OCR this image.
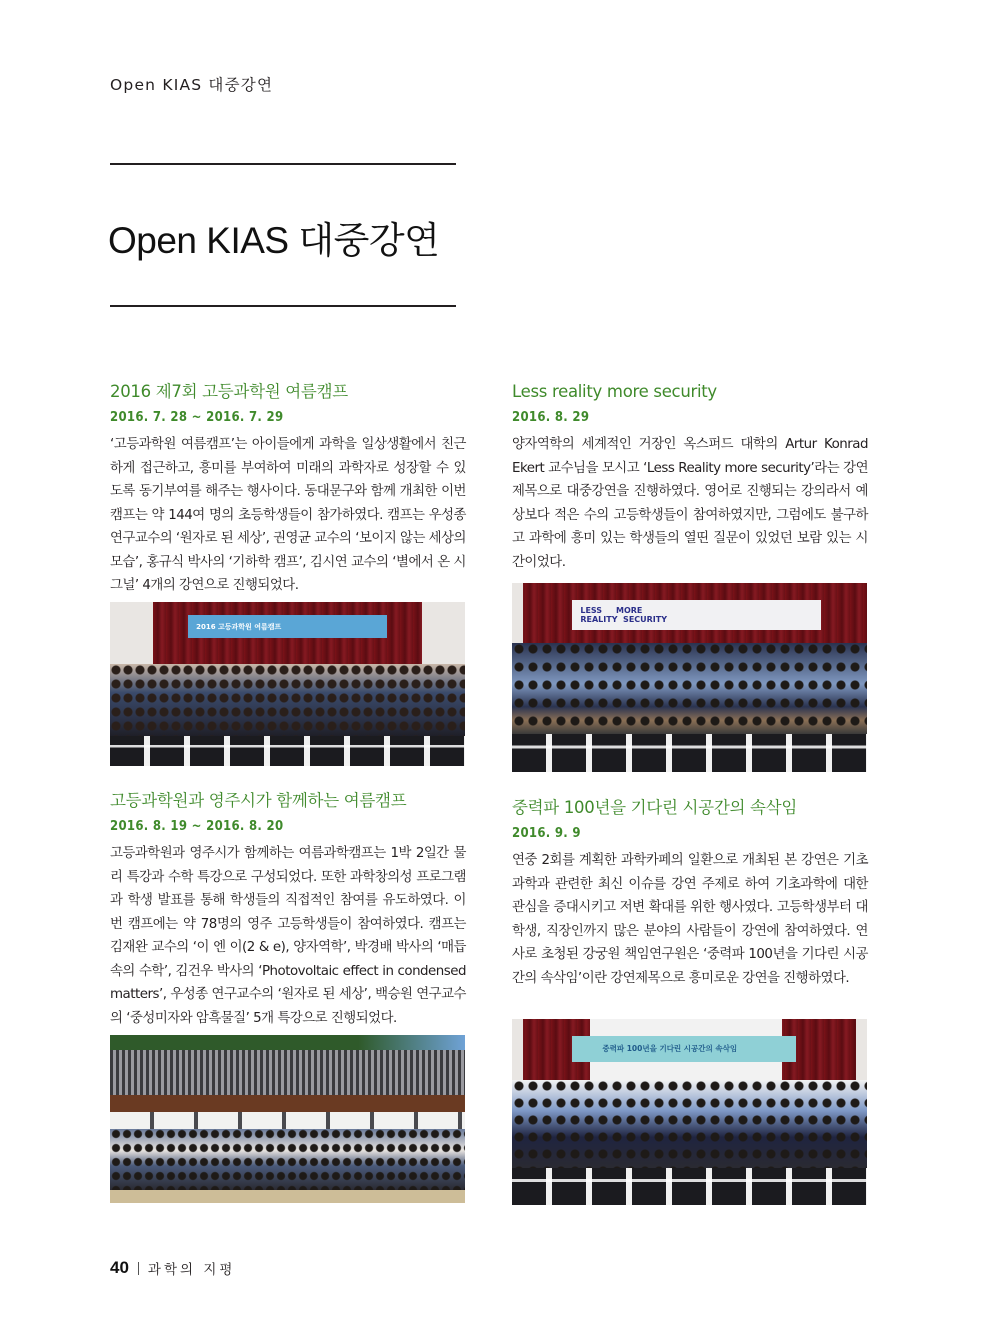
Open KIAS 대중강연
Open KIAS 대중강연
2016 제7회 고등과학원 여름캠프
2016. 7. 28 ~ 2016. 7. 29

‘고등과학원 여름캠프’는 아이들에게 과학을 일상생활에서 친근하게 접근하고, 흥미를 부여하여 미래의 과학자로 성장할 수 있도록 동기부여를 해주는 행사이다. 동대문구와 함께 개최한 이번 캠프는 약 144여 명의 초등학생들이 참가하였다. 캠프는 우성종 연구교수의 ‘원자로 된 세상’, 권영균 교수의 ‘보이지 않는 세상의 모습’, 홍규식 박사의 ‘기하학 캠프’, 김시연 교수의 ‘별에서 온 시그널’ 4개의 강연으로 진행되었다.

2016 고등과학원 여름캠프
Less reality more security
2016. 8. 29

양자역학의 세계적인 거장인 옥스퍼드 대학의 Artur Konrad Ekert 교수님을 모시고 ‘Less Reality more security’라는 강연 제목으로 대중강연을 진행하였다. 영어로 진행되는 강의라서 예상보다 적은 수의 고등학생들이 참여하였지만, 그럼에도 불구하고 과학에 흥미 있는 학생들의 열띤 질문이 있었던 보람 있는 시간이었다.

LESS     MORE
REALITY  SECURITY
고등과학원과 영주시가 함께하는 여름캠프
2016. 8. 19 ~ 2016. 8. 20

고등과학원과 영주시가 함께하는 여름과학캠프는 1박 2일간 물리 특강과 수학 특강으로 구성되었다. 또한 과학창의성 프로그램과 학생 발표를 통해 학생들의 직접적인 참여를 유도하였다. 이번 캠프에는 약 78명의 영주 고등학생들이 참여하였다. 캠프는 김재완 교수의 ‘이 엔 이(2 & e), 양자역학’, 박경배 박사의 ‘매듭 속의 수학’, 김건우 박사의 ‘Photovoltaic effect in condensed matters’, 우성종 연구교수의 ‘원자로 된 세상’, 백승원 연구교수의 ‘중성미자와 암흑물질’ 5개 특강으로 진행되었다.

중력파 100년을 기다린 시공간의 속삭임
2016. 9. 9

연중 2회를 계획한 과학카페의 일환으로 개최된 본 강연은 기초과학과 관련한 최신 이슈를 강연 주제로 하여 기초과학에 대한 관심을 증대시키고 저변 확대를 위한 행사였다. 고등학생부터 대학생, 직장인까지 많은 분야의 사람들이 강연에 참여하였다. 연사로 초청된 강궁원 책임연구원은 ‘중력파 100년을 기다린 시공간의 속삭임’이란 강연제목으로 흥미로운 강연을 진행하였다.

중력파 100년을 기다린 시공간의 속삭임
40 과학의 지평
